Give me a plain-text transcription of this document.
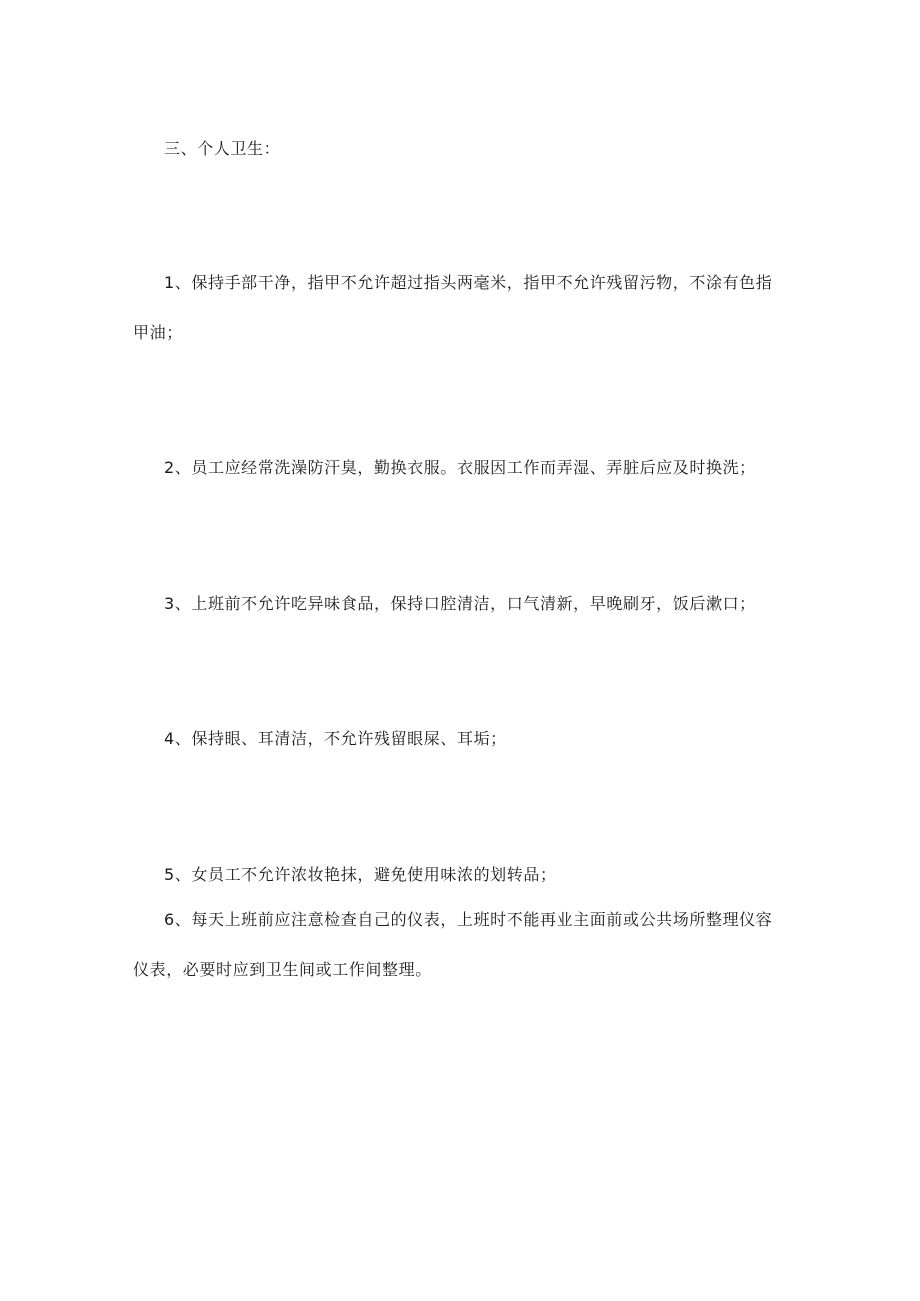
三、个人卫生：
1、保持手部干净，指甲不允许超过指头两毫米，指甲不允许残留污物，不涂有色指
甲油；
2、员工应经常洗澡防汗臭，勤换衣服。衣服因工作而弄湿、弄脏后应及时换洗；
3、上班前不允许吃异味食品，保持口腔清洁，口气清新，早晚刷牙，饭后漱口；
4、保持眼、耳清洁，不允许残留眼屎、耳垢；
5、女员工不允许浓妆艳抹，避免使用味浓的划转品；
6、每天上班前应注意检查自己的仪表，上班时不能再业主面前或公共场所整理仪容
仪表，必要时应到卫生间或工作间整理。
